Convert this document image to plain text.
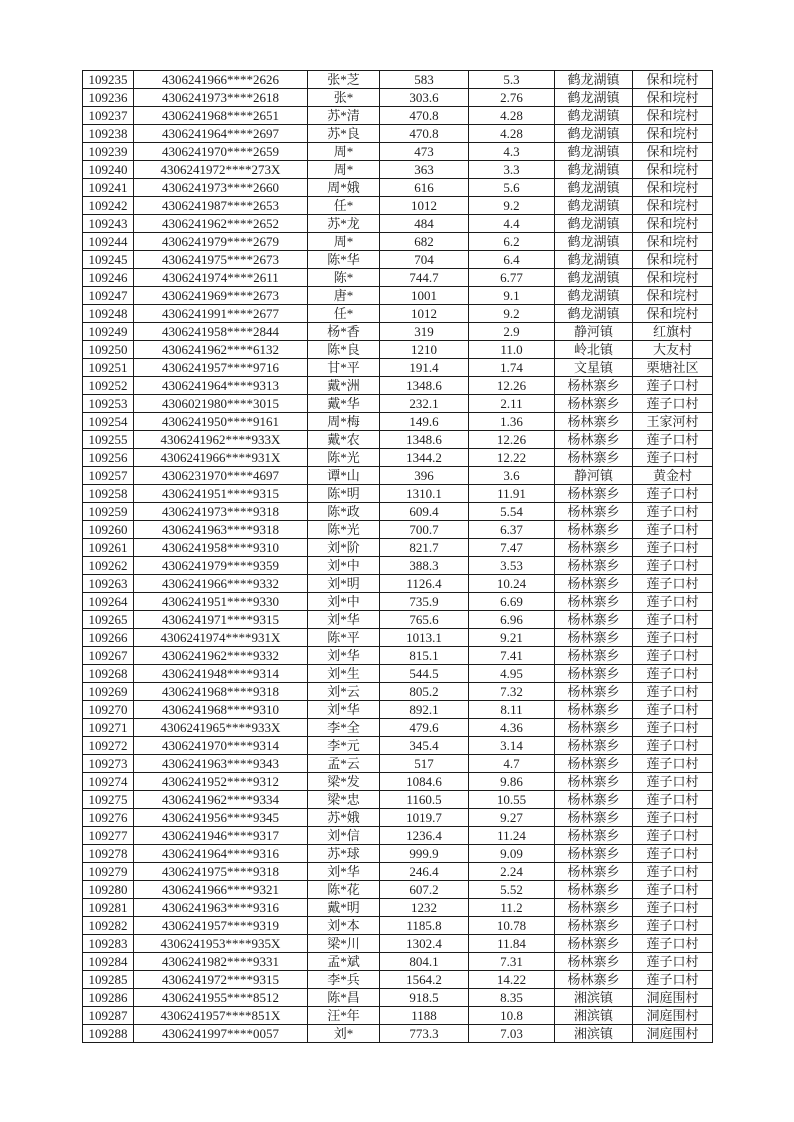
109235	4306241966****2626	张*芝	583	5.3	鹤龙湖镇	保和垸村
109236	4306241973****2618	张*	303.6	2.76	鹤龙湖镇	保和垸村
109237	4306241968****2651	苏*清	470.8	4.28	鹤龙湖镇	保和垸村
109238	4306241964****2697	苏*良	470.8	4.28	鹤龙湖镇	保和垸村
109239	4306241970****2659	周*	473	4.3	鹤龙湖镇	保和垸村
109240	4306241972****273X	周*	363	3.3	鹤龙湖镇	保和垸村
109241	4306241973****2660	周*娥	616	5.6	鹤龙湖镇	保和垸村
109242	4306241987****2653	任*	1012	9.2	鹤龙湖镇	保和垸村
109243	4306241962****2652	苏*龙	484	4.4	鹤龙湖镇	保和垸村
109244	4306241979****2679	周*	682	6.2	鹤龙湖镇	保和垸村
109245	4306241975****2673	陈*华	704	6.4	鹤龙湖镇	保和垸村
109246	4306241974****2611	陈*	744.7	6.77	鹤龙湖镇	保和垸村
109247	4306241969****2673	唐*	1001	9.1	鹤龙湖镇	保和垸村
109248	4306241991****2677	任*	1012	9.2	鹤龙湖镇	保和垸村
109249	4306241958****2844	杨*香	319	2.9	静河镇	红旗村
109250	4306241962****6132	陈*良	1210	11.0	岭北镇	大友村
109251	4306241957****9716	甘*平	191.4	1.74	文星镇	栗塘社区
109252	4306241964****9313	戴*洲	1348.6	12.26	杨林寨乡	莲子口村
109253	4306021980****3015	戴*华	232.1	2.11	杨林寨乡	莲子口村
109254	4306241950****9161	周*梅	149.6	1.36	杨林寨乡	王家河村
109255	4306241962****933X	戴*农	1348.6	12.26	杨林寨乡	莲子口村
109256	4306241966****931X	陈*光	1344.2	12.22	杨林寨乡	莲子口村
109257	4306231970****4697	谭*山	396	3.6	静河镇	黄金村
109258	4306241951****9315	陈*明	1310.1	11.91	杨林寨乡	莲子口村
109259	4306241973****9318	陈*政	609.4	5.54	杨林寨乡	莲子口村
109260	4306241963****9318	陈*光	700.7	6.37	杨林寨乡	莲子口村
109261	4306241958****9310	刘*阶	821.7	7.47	杨林寨乡	莲子口村
109262	4306241979****9359	刘*中	388.3	3.53	杨林寨乡	莲子口村
109263	4306241966****9332	刘*明	1126.4	10.24	杨林寨乡	莲子口村
109264	4306241951****9330	刘*中	735.9	6.69	杨林寨乡	莲子口村
109265	4306241971****9315	刘*华	765.6	6.96	杨林寨乡	莲子口村
109266	4306241974****931X	陈*平	1013.1	9.21	杨林寨乡	莲子口村
109267	4306241962****9332	刘*华	815.1	7.41	杨林寨乡	莲子口村
109268	4306241948****9314	刘*生	544.5	4.95	杨林寨乡	莲子口村
109269	4306241968****9318	刘*云	805.2	7.32	杨林寨乡	莲子口村
109270	4306241968****9310	刘*华	892.1	8.11	杨林寨乡	莲子口村
109271	4306241965****933X	李*全	479.6	4.36	杨林寨乡	莲子口村
109272	4306241970****9314	李*元	345.4	3.14	杨林寨乡	莲子口村
109273	4306241963****9343	孟*云	517	4.7	杨林寨乡	莲子口村
109274	4306241952****9312	梁*发	1084.6	9.86	杨林寨乡	莲子口村
109275	4306241962****9334	梁*忠	1160.5	10.55	杨林寨乡	莲子口村
109276	4306241956****9345	苏*娥	1019.7	9.27	杨林寨乡	莲子口村
109277	4306241946****9317	刘*信	1236.4	11.24	杨林寨乡	莲子口村
109278	4306241964****9316	苏*球	999.9	9.09	杨林寨乡	莲子口村
109279	4306241975****9318	刘*华	246.4	2.24	杨林寨乡	莲子口村
109280	4306241966****9321	陈*花	607.2	5.52	杨林寨乡	莲子口村
109281	4306241963****9316	戴*明	1232	11.2	杨林寨乡	莲子口村
109282	4306241957****9319	刘*本	1185.8	10.78	杨林寨乡	莲子口村
109283	4306241953****935X	梁*川	1302.4	11.84	杨林寨乡	莲子口村
109284	4306241982****9331	孟*斌	804.1	7.31	杨林寨乡	莲子口村
109285	4306241972****9315	李*兵	1564.2	14.22	杨林寨乡	莲子口村
109286	4306241955****8512	陈*昌	918.5	8.35	湘滨镇	洞庭围村
109287	4306241957****851X	汪*年	1188	10.8	湘滨镇	洞庭围村
109288	4306241997****0057	刘*	773.3	7.03	湘滨镇	洞庭围村
